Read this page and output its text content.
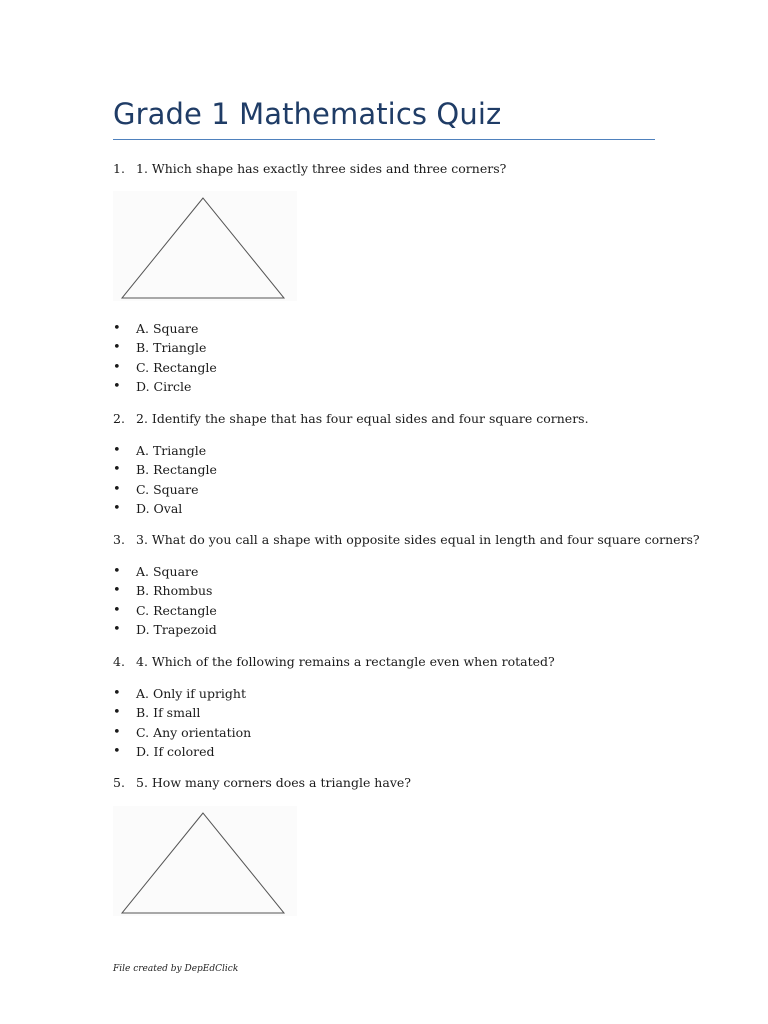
Grade 1 Mathematics Quiz
1. 1. Which shape has exactly three sides and three corners?
• A. Square
• B. Triangle
• C. Rectangle
• D. Circle
2. 2. Identify the shape that has four equal sides and four square corners.
• A. Triangle
• B. Rectangle
• C. Square
• D. Oval
3. 3. What do you call a shape with opposite sides equal in length and four square corners?
• A. Square
• B. Rhombus
• C. Rectangle
• D. Trapezoid
4. 4. Which of the following remains a rectangle even when rotated?
• A. Only if upright
• B. If small
• C. Any orientation
• D. If colored
5. 5. How many corners does a triangle have?
File created by DepEdClick
